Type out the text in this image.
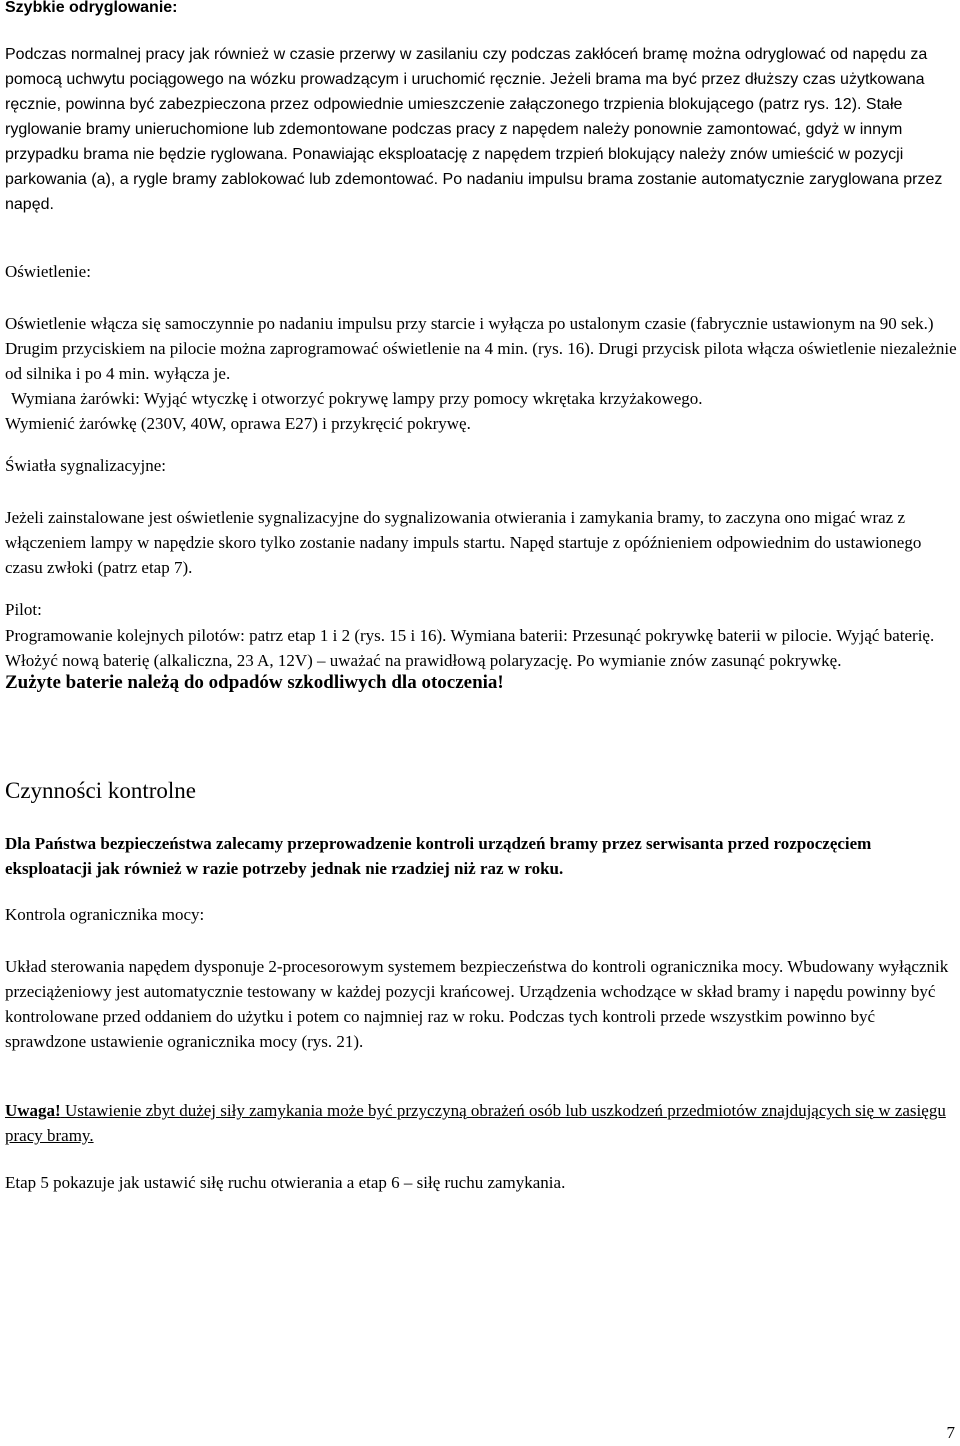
Szybkie odryglowanie:

Podczas normalnej pracy jak również w czasie przerwy w zasilaniu czy podczas zakłóceń bramę można odryglować od napędu za pomocą uchwytu pociągowego na wózku prowadzącym i uruchomić ręcznie. Jeżeli brama ma być przez dłuższy czas użytkowana ręcznie, powinna być zabezpieczona przez odpowiednie umieszczenie załączonego trzpienia blokującego (patrz rys. 12). Stałe ryglowanie bramy unieruchomione lub zdemontowane podczas pracy z napędem należy ponownie zamontować, gdyż w innym przypadku brama nie będzie ryglowana. Ponawiając eksploatację z napędem trzpień blokujący należy znów umieścić w pozycji parkowania (a), a rygle bramy zablokować lub zdemontować. Po nadaniu impulsu brama zostanie automatycznie zaryglowana przez napęd.

Oświetlenie:

Oświetlenie włącza się samoczynnie po nadaniu impulsu przy starcie i wyłącza po ustalonym czasie (fabrycznie ustawionym na 90 sek.) Drugim przyciskiem na pilocie można zaprogramować oświetlenie na 4 min. (rys. 16). Drugi przycisk pilota włącza oświetlenie niezależnie od silnika i po 4 min. wyłącza je.
Wymiana żarówki: Wyjąć wtyczkę i otworzyć pokrywę lampy przy pomocy wkrętaka krzyżakowego.
Wymienić żarówkę (230V, 40W, oprawa E27) i przykręcić pokrywę.

Światła sygnalizacyjne:

Jeżeli zainstalowane jest oświetlenie sygnalizacyjne do sygnalizowania otwierania i zamykania bramy, to zaczyna ono migać wraz z włączeniem lampy w napędzie skoro tylko zostanie nadany impuls startu. Napęd startuje z opóźnieniem odpowiednim do ustawionego czasu zwłoki (patrz etap 7).

Pilot:

Programowanie kolejnych pilotów: patrz etap 1 i 2 (rys. 15 i 16). Wymiana baterii: Przesunąć pokrywkę baterii w pilocie. Wyjąć baterię. Włożyć nową baterię (alkaliczna, 23 A, 12V) – uważać na prawidłową polaryzację. Po wymianie znów zasunąć pokrywkę.

Zużyte baterie należą do odpadów szkodliwych dla otoczenia!

Czynności kontrolne

Dla Państwa bezpieczeństwa zalecamy przeprowadzenie kontroli urządzeń bramy przez serwisanta przed rozpoczęciem eksploatacji jak również w razie potrzeby jednak nie rzadziej niż raz w roku.

Kontrola ogranicznika mocy:

Układ sterowania napędem dysponuje 2-procesorowym systemem bezpieczeństwa do kontroli ogranicznika mocy. Wbudowany wyłącznik przeciążeniowy jest automatycznie testowany w każdej pozycji krańcowej. Urządzenia wchodzące w skład bramy i napędu powinny być kontrolowane przed oddaniem do użytku i potem co najmniej raz w roku. Podczas tych kontroli przede wszystkim powinno być sprawdzone ustawienie ogranicznika mocy (rys. 21).

Uwaga! Ustawienie zbyt dużej siły zamykania może być przyczyną obrażeń osób lub uszkodzeń przedmiotów znajdujących się w zasięgu pracy bramy.

Etap 5 pokazuje jak ustawić siłę ruchu otwierania a etap 6 – siłę ruchu zamykania.

7
